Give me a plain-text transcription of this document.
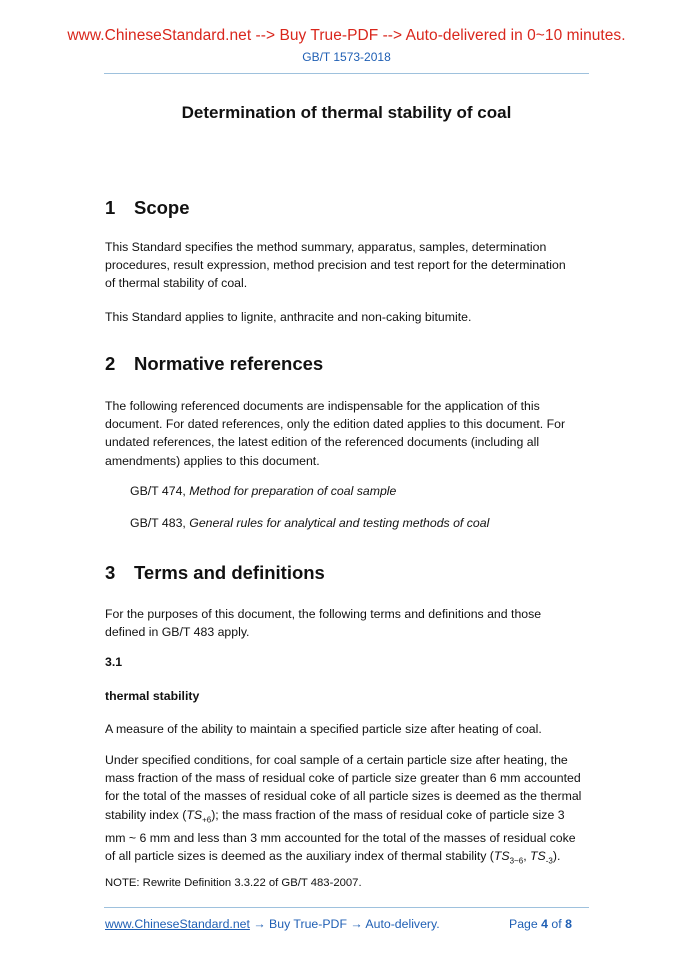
www.ChineseStandard.net --> Buy True-PDF --> Auto-delivered in 0~10 minutes.
GB/T 1573-2018
Determination of thermal stability of coal
1 Scope
This Standard specifies the method summary, apparatus, samples, determination
procedures, result expression, method precision and test report for the determination
of thermal stability of coal.
This Standard applies to lignite, anthracite and non-caking bitumite.
2 Normative references
The following referenced documents are indispensable for the application of this
document. For dated references, only the edition dated applies to this document. For
undated references, the latest edition of the referenced documents (including all
amendments) applies to this document.
GB/T 474, Method for preparation of coal sample
GB/T 483, General rules for analytical and testing methods of coal
3 Terms and definitions
For the purposes of this document, the following terms and definitions and those
defined in GB/T 483 apply.
3.1
thermal stability
A measure of the ability to maintain a specified particle size after heating of coal.
Under specified conditions, for coal sample of a certain particle size after heating, the
mass fraction of the mass of residual coke of particle size greater than 6 mm accounted
for the total of the masses of residual coke of all particle sizes is deemed as the thermal
stability index $(TS_{+6})$; the mass fraction of the mass of residual coke of particle size 3
mm ~ 6 mm and less than 3 mm accounted for the total of the masses of residual coke
of all particle sizes is deemed as the auxiliary index of thermal stability ($TS_{3\sim 6}$, $TS_{-3}$).
NOTE: Rewrite Definition 3.3.22 of GB/T 483-2007.
www.ChineseStandard.net → Buy True-PDF → Auto-delivery.	Page 4 of 8
